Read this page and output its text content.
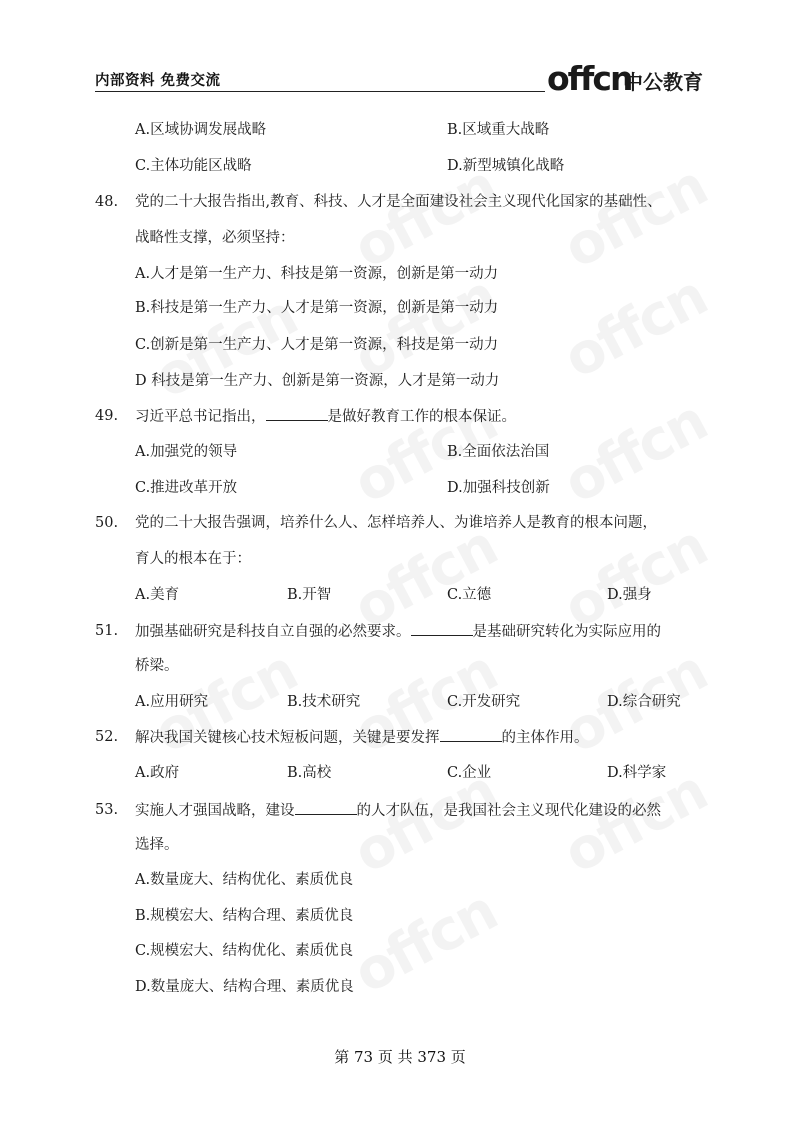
内部资料 免费交流	offcn
中公教育
A.区域协调发展战略	B.区域重大战略
C.主体功能区战略	D.新型城镇化战略
48. 党的二十大报告指出,教育、科技、人才是全面建设社会主义现代化国家的基础性、
战略性支撑，必须坚持：
A.人才是第一生产力、科技是第一资源，创新是第一动力
B.科技是第一生产力、人才是第一资源，创新是第一动力
C.创新是第一生产力、人才是第一资源，科技是第一动力
D 科技是第一生产力、创新是第一资源，人才是第一动力
49. 习近平总书记指出，	是做好教育工作的根本保证。
A.加强党的领导	B.全面依法治国
C.推进改革开放	D.加强科技创新
50. 党的二十大报告强调，培养什么人、怎样培养人、为谁培养人是教育的根本问题，
育人的根本在于：
A.美育	B.开智	C.立德	D.强身
51. 加强基础研究是科技自立自强的必然要求。	是基础研究转化为实际应用的
桥梁。
A.应用研究	B.技术研究	C.开发研究	D.综合研究
52. 解决我国关键核心技术短板问题，关键是要发挥	的主体作用。
A.政府	B.高校	C.企业	D.科学家
53. 实施人才强国战略，建设	的人才队伍，是我国社会主义现代化建设的必然
选择。
A.数量庞大、结构优化、素质优良
B.规模宏大、结构合理、素质优良
C.规模宏大、结构优化、素质优良
D.数量庞大、结构合理、素质优良
第 73 页 共 373 页
